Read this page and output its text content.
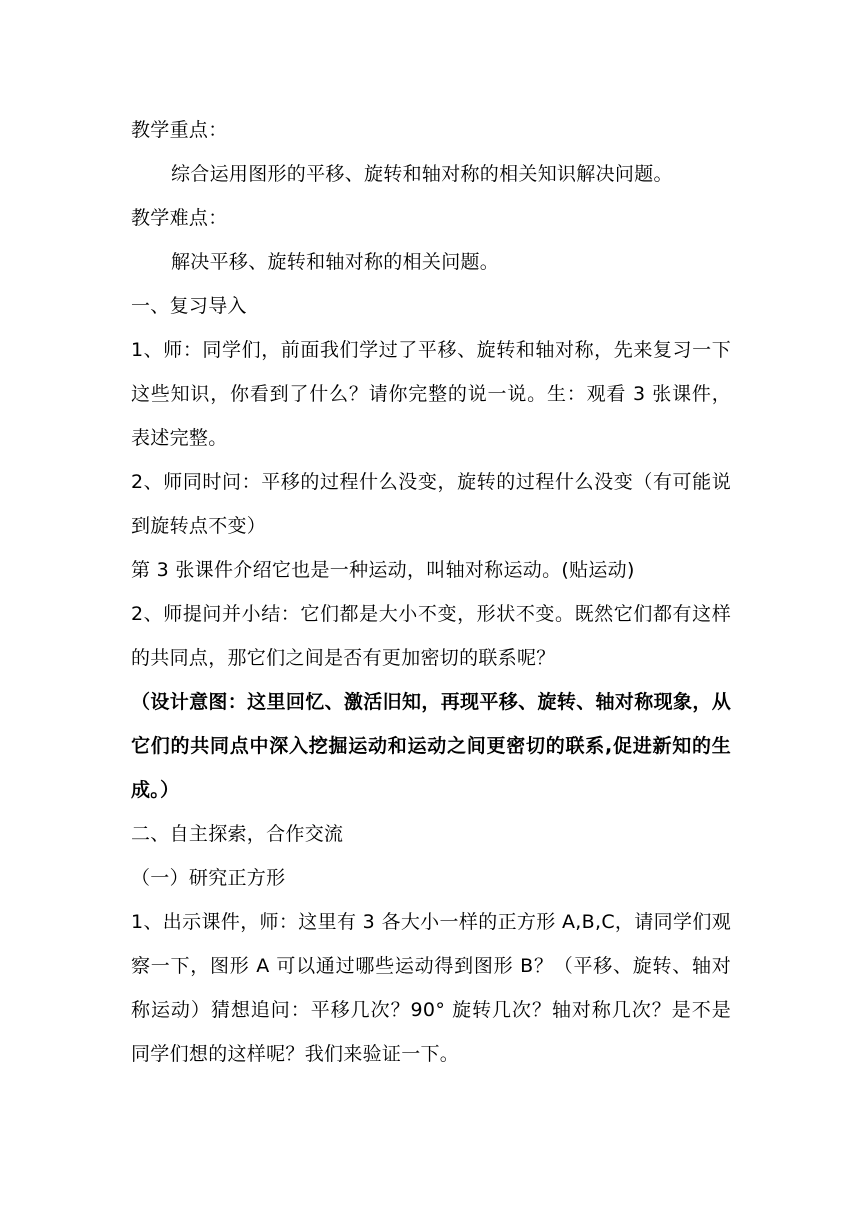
教学重点：

综合运用图形的平移、旋转和轴对称的相关知识解决问题。

教学难点：

解决平移、旋转和轴对称的相关问题。

一、复习导入

1、师：同学们，前面我们学过了平移、旋转和轴对称，先来复习一下这些知识，你看到了什么？请你完整的说一说。生：观看 3 张课件，表述完整。

2、师同时问：平移的过程什么没变，旋转的过程什么没变（有可能说到旋转点不变）

第 3 张课件介绍它也是一种运动，叫轴对称运动。(贴运动)

2、师提问并小结：它们都是大小不变，形状不变。既然它们都有这样的共同点，那它们之间是否有更加密切的联系呢？

（设计意图：这里回忆、激活旧知，再现平移、旋转、轴对称现象，从它们的共同点中深入挖掘运动和运动之间更密切的联系,促进新知的生成。）

二、自主探索，合作交流

（一）研究正方形

1、出示课件，师：这里有 3 各大小一样的正方形 A,B,C，请同学们观察一下，图形 A 可以通过哪些运动得到图形 B？（平移、旋转、轴对称运动）猜想追问：平移几次？90° 旋转几次？轴对称几次？是不是同学们想的这样呢？我们来验证一下。
